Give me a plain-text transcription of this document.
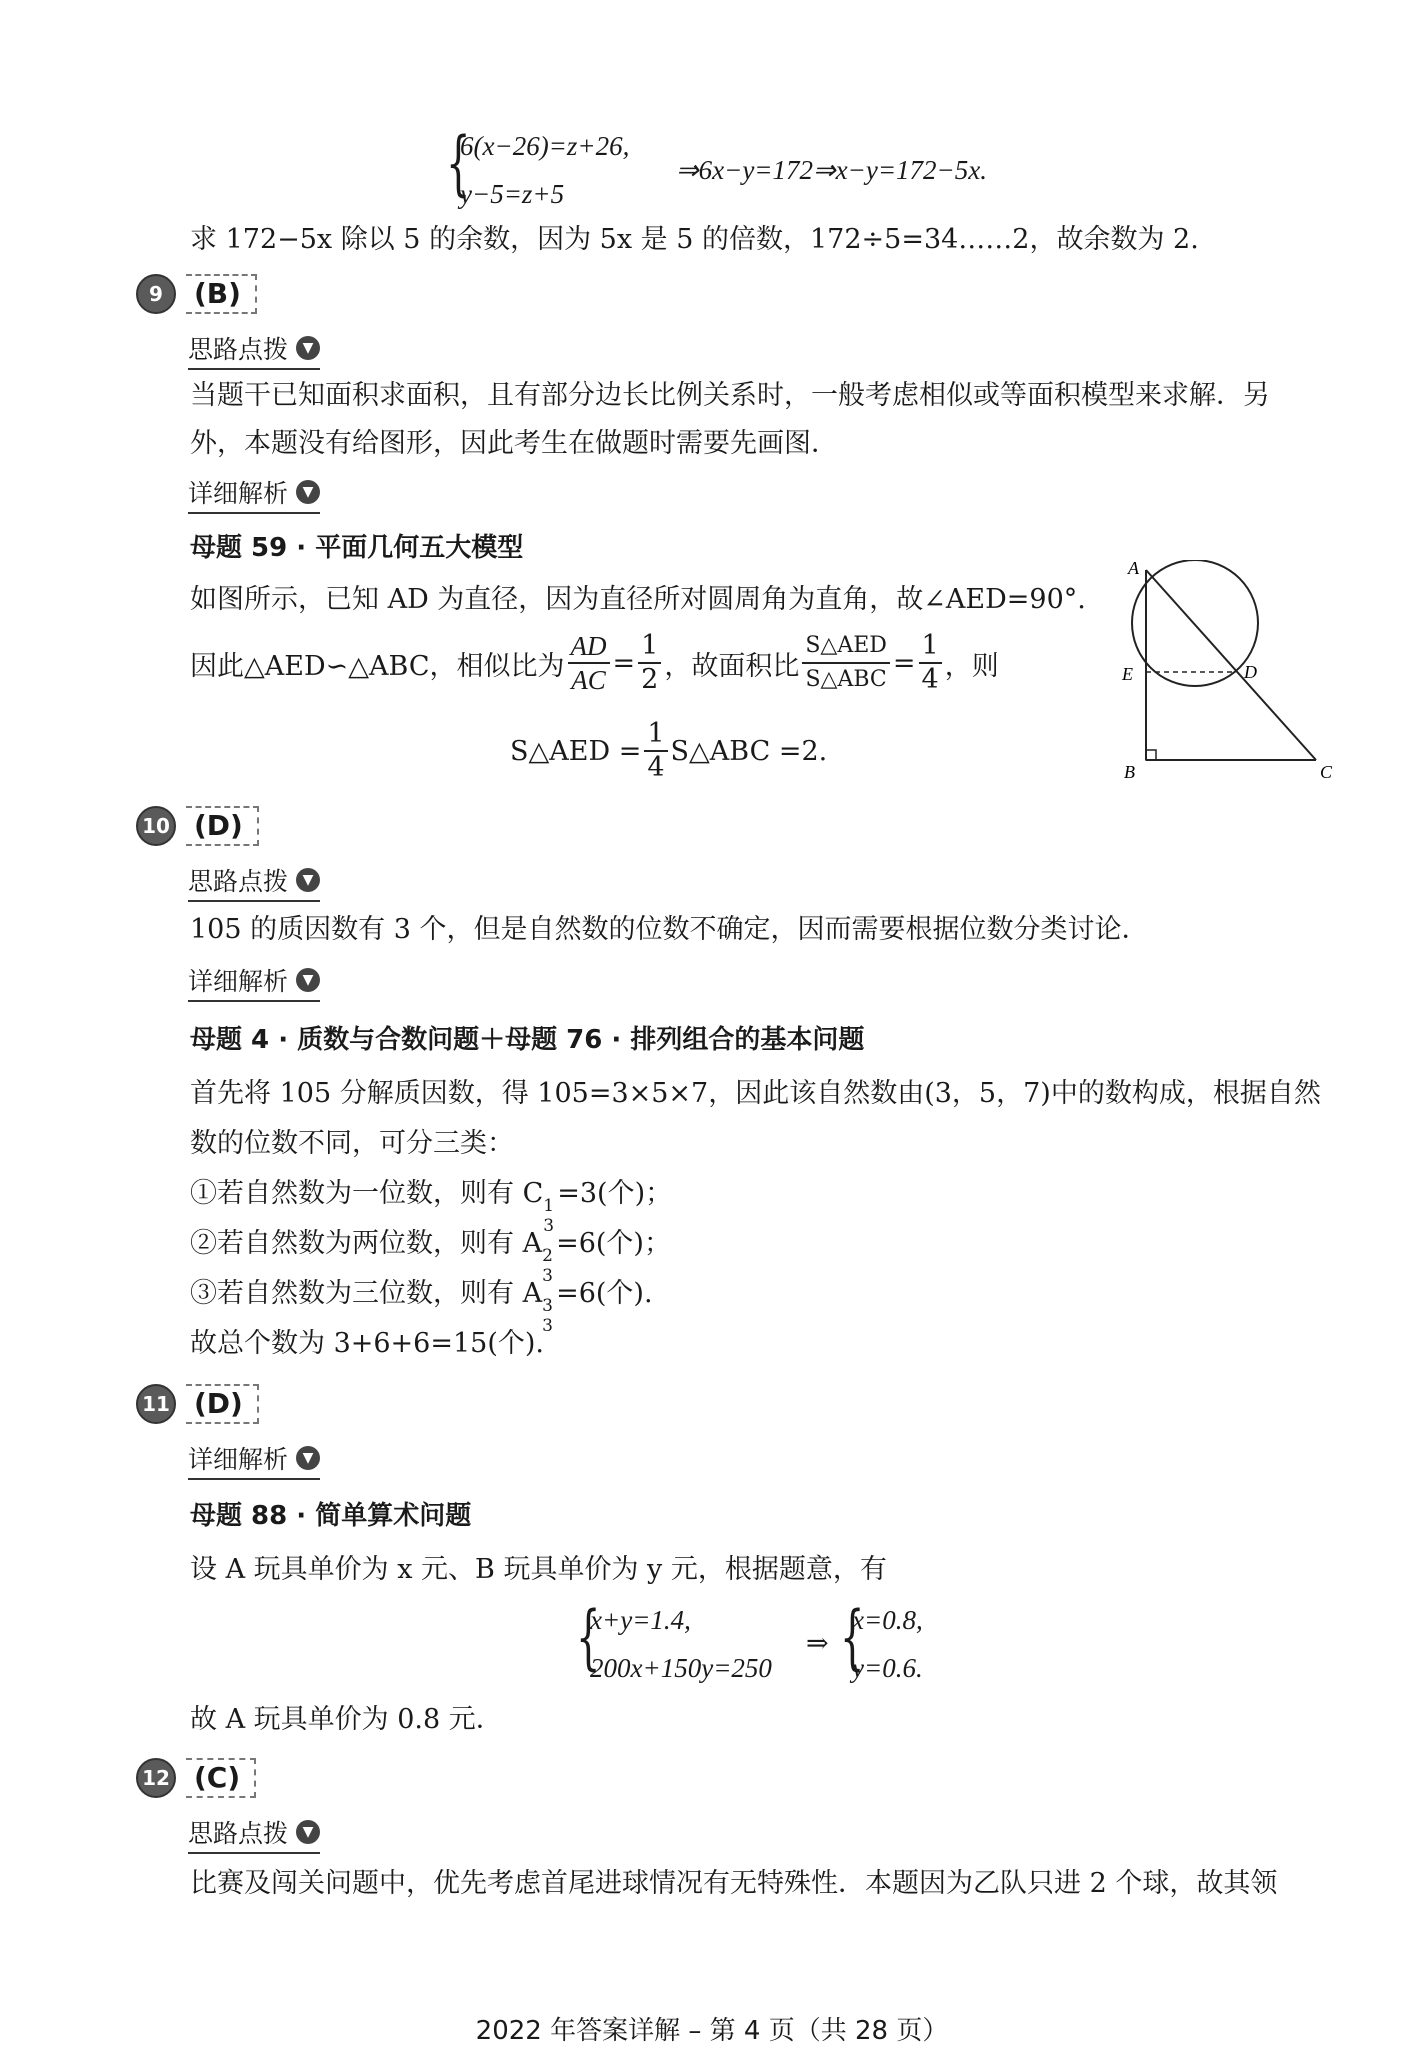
{
6(x−26)=z+26,
y−5=z+5
⇒6x−y=172⇒x−y=172−5x.
求 172−5x 除以 5 的余数，因为 5x 是 5 的倍数，172÷5=34……2，故余数为 2.
9	(B)
思路点拨	▼
当题干已知面积求面积，且有部分边长比例关系时，一般考虑相似或等面积模型来求解．另
外，本题没有给图形，因此考生在做题时需要先画图．
详细解析	▼
母题 59 · 平面几何五大模型
如图所示，已知 AD 为直径，因为直径所对圆周角为直角，故∠AED=90°.
因此△AED∽△ABC，相似比为 $\frac{AD}{AC} = \frac{1}{2}$ ，故面积比 $\frac{\text{S△AED}}{\text{S△ABC}} = \frac{1}{4}$ ，则
S△AED = $\frac{1}{4}$ S△ABC =2.
A
E	D
B	C
10 (D)
思路点拨	▼
105 的质因数有 3 个，但是自然数的位数不确定，因而需要根据位数分类讨论．
详细解析	▼
母题 4 · 质数与合数问题＋母题 76 · 排列组合的基本问题
首先将 105 分解质因数，得 105=3×5×7，因此该自然数由(3，5，7)中的数构成，根据自然
数的位数不同，可分三类：
①若自然数为一位数，则有 C 1
3
=3(个)；
②若自然数为两位数，则有 A 2
3
=6(个)；
③若自然数为三位数，则有 A 3
3
=6(个).
故总个数为 3+6+6=15(个).
11 (D)
详细解析	▼
母题 88 · 简单算术问题
设 A 玩具单价为 x 元、B 玩具单价为 y 元，根据题意，有
{
x+y=1.4,
200x+150y=250
⇒ {
x=0.8,
y=0.6.
故 A 玩具单价为 0.8 元．
12 (C)
思路点拨	▼
比赛及闯关问题中，优先考虑首尾进球情况有无特殊性．本题因为乙队只进 2 个球，故其领
2022 年答案详解 – 第 4 页（共 28 页）
